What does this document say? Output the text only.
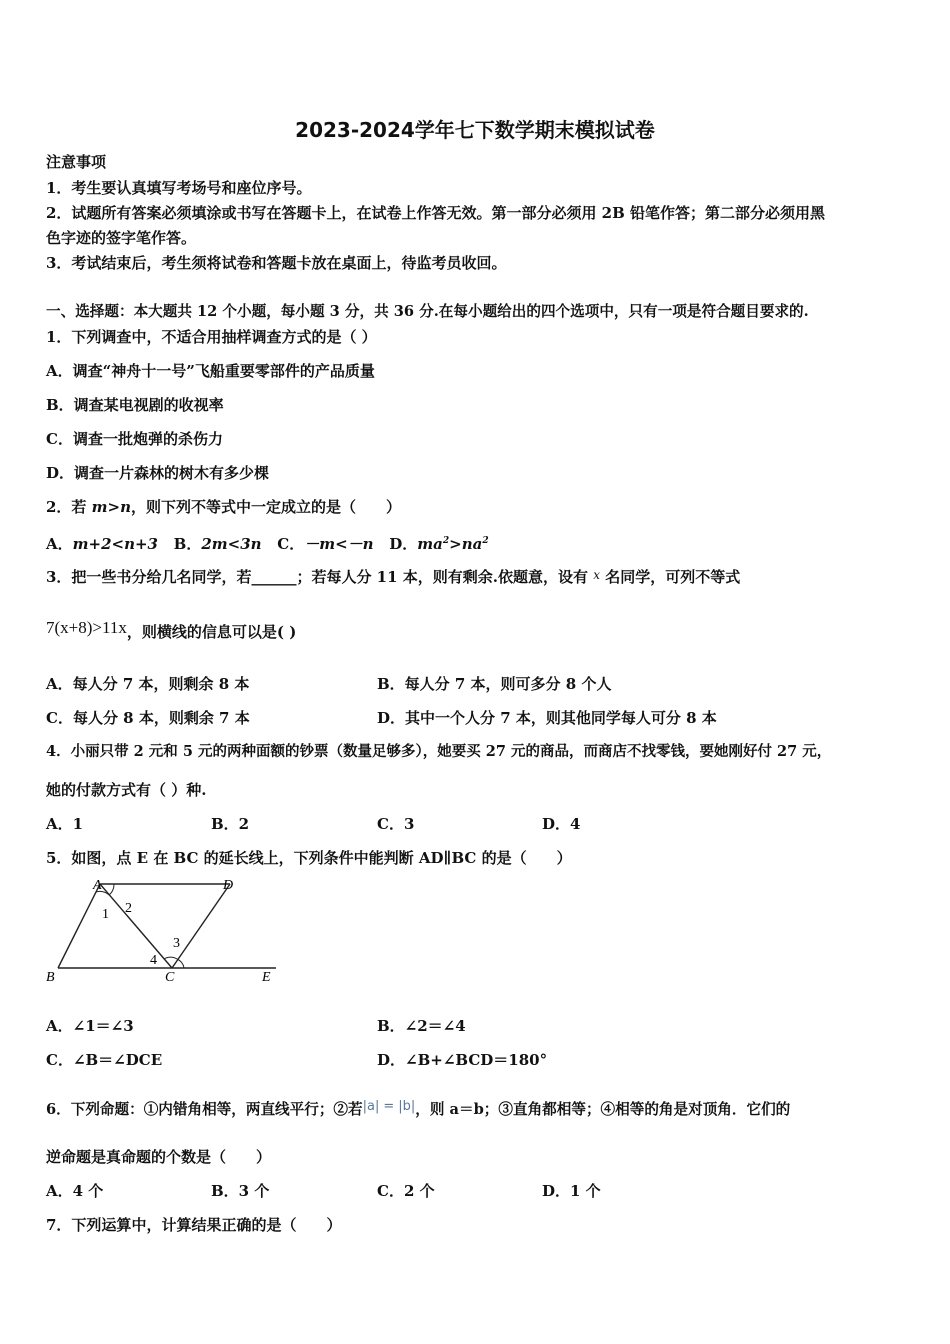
2023-2024学年七下数学期末模拟试卷
注意事项
1．考生要认真填写考场号和座位序号。
2．试题所有答案必须填涂或书写在答题卡上，在试卷上作答无效。第一部分必须用 2B 铅笔作答；第二部分必须用黑
色字迹的签字笔作答。
3．考试结束后，考生须将试卷和答题卡放在桌面上，待监考员收回。
一、选择题：本大题共 12 个小题，每小题 3 分，共 36 分.在每小题给出的四个选项中，只有一项是符合题目要求的.
1．下列调查中，不适合用抽样调查方式的是（ ）
A．调查“神舟十一号”飞船重要零部件的产品质量
B．调查某电视剧的收视率
C．调查一批炮弹的杀伤力
D．调查一片森林的树木有多少棵
2．若 m>n，则下列不等式中一定成立的是（　　）
A．m+2<n+3 B．2m<3n C．－m<－n D．$ma^2>na^2$
3．把一些书分给几名同学，若______；若每人分 11 本，则有剩余.依题意，设有 $^x$ 名同学，可列不等式
7(x+8)>11x，则横线的信息可以是( )
A．每人分 7 本，则剩余 8 本	B．每人分 7 本，则可多分 8 个人
C．每人分 8 本，则剩余 7 本	D．其中一个人分 7 本，则其他同学每人可分 8 本
4．小丽只带 2 元和 5 元的两种面额的钞票（数量足够多），她要买 27 元的商品，而商店不找零钱，要她刚好付 27 元，
她的付款方式有（ ）种.
A．1	B．2	C．3	D．4
5．如图，点 E 在 BC 的延长线上，下列条件中能判断 AD∥BC 的是（　　）
A	D
B	C	E
1 2
3
4
A．∠1＝∠3	B．∠2＝∠4
C．∠B＝∠DCE	D．∠B+∠BCD＝180°
6．下列命题：①内错角相等，两直线平行；②若|a| = |b|，则 a＝b；③直角都相等；④相等的角是对顶角．它们的
逆命题是真命题的个数是（　　）
A．4 个	B．3 个	C．2 个	D．1 个
7．下列运算中，计算结果正确的是（　　）
